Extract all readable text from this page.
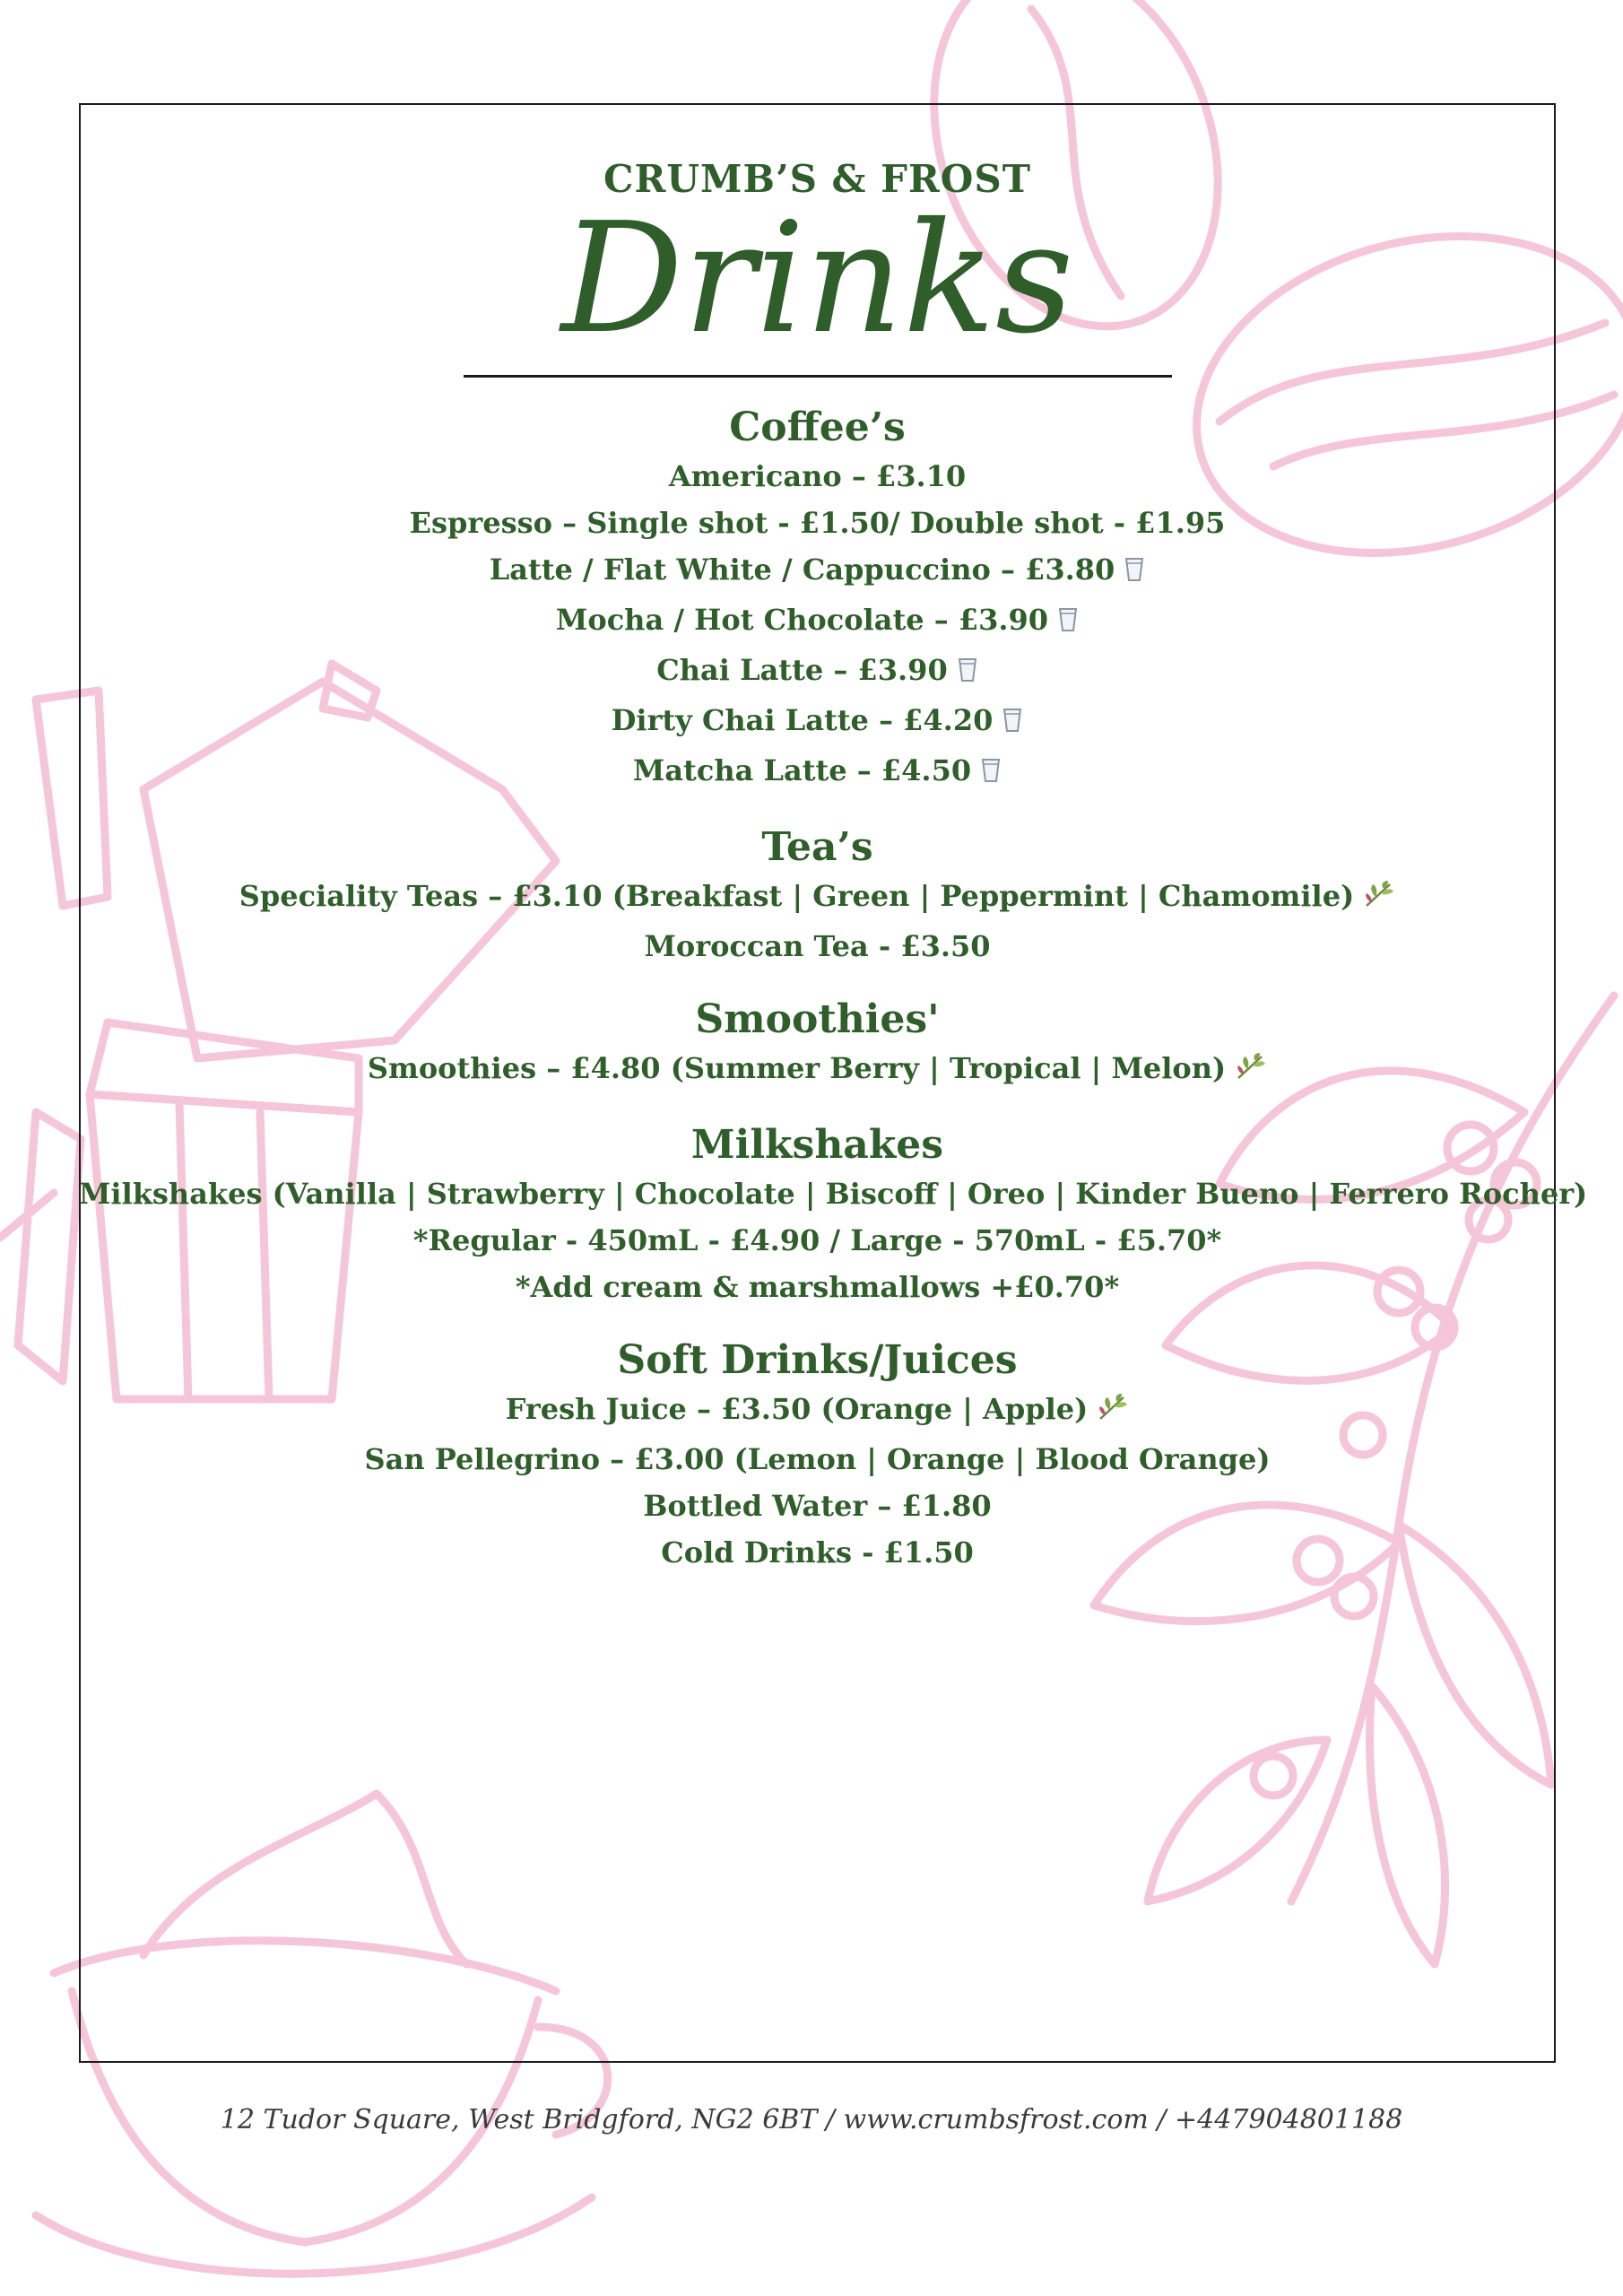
CRUMB’S & FROST
Drinks
Coffee’s
Americano – £3.10
Espresso – Single shot - £1.50/ Double shot - £1.95
Latte / Flat White / Cappuccino – £3.80
Mocha / Hot Chocolate – £3.90
Chai Latte – £3.90
Dirty Chai Latte – £4.20
Matcha Latte – £4.50
Tea’s
Speciality Teas – £3.10 (Breakfast | Green | Peppermint | Chamomile)
Moroccan Tea - £3.50
Smoothies'
Smoothies – £4.80 (Summer Berry | Tropical | Melon)
Milkshakes
Milkshakes (Vanilla | Strawberry | Chocolate | Biscoff | Oreo | Kinder Bueno | Ferrero Rocher)
*Regular - 450mL - £4.90 / Large - 570mL - £5.70*
*Add cream & marshmallows +£0.70*
Soft Drinks/Juices
Fresh Juice – £3.50 (Orange | Apple)
San Pellegrino – £3.00 (Lemon | Orange | Blood Orange)
Bottled Water – £1.80
Cold Drinks - £1.50
12 Tudor Square, West Bridgford, NG2 6BT / www.crumbsfrost.com / +447904801188
